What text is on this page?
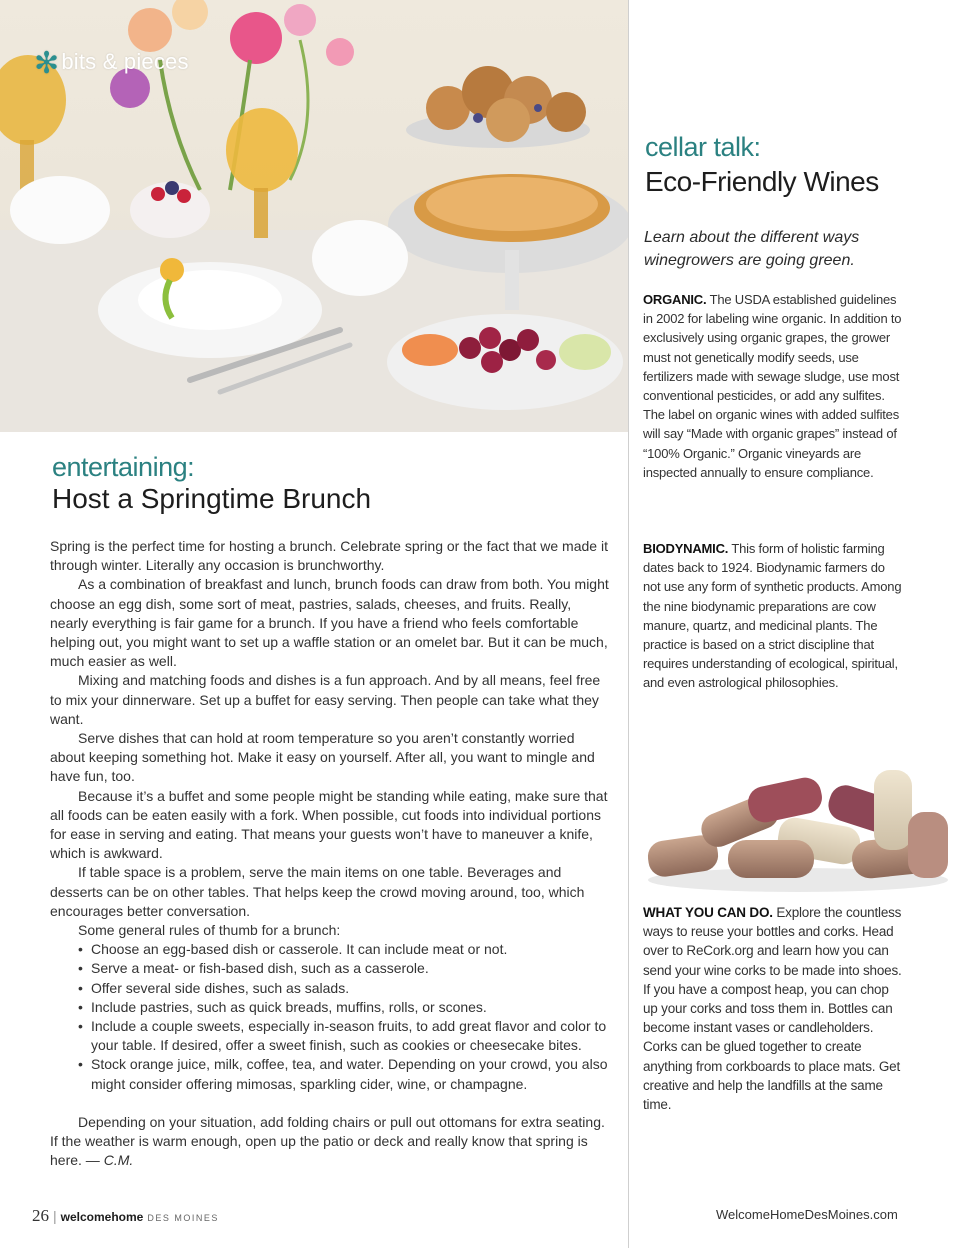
✻bits & pieces
entertaining:
Host a Springtime Brunch

Spring is the perfect time for hosting a brunch. Celebrate spring or the fact that we made it through winter. Literally any occasion is brunchworthy.

As a combination of breakfast and lunch, brunch foods can draw from both. You might choose an egg dish, some sort of meat, pastries, salads, cheeses, and fruits. Really, nearly everything is fair game for a brunch. If you have a friend who feels comfortable helping out, you might want to set up a waffle station or an omelet bar. But it can be much, much easier as well.

Mixing and matching foods and dishes is a fun approach. And by all means, feel free to mix your dinnerware. Set up a buffet for easy serving. Then people can take what they want.

Serve dishes that can hold at room temperature so you aren’t constantly worried about keeping something hot. Make it easy on yourself. After all, you want to mingle and have fun, too.

Because it’s a buffet and some people might be standing while eating, make sure that all foods can be eaten easily with a fork. When possible, cut foods into individual portions for ease in serving and eating. That means your guests won’t have to maneuver a knife, which is awkward.

If table space is a problem, serve the main items on one table. Beverages and desserts can be on other tables. That helps keep the crowd moving around, too, which encourages better conversation.

Some general rules of thumb for a brunch:

• Choose an egg-based dish or casserole. It can include meat or not.
• Serve a meat- or fish-based dish, such as a casserole.
• Offer several side dishes, such as salads.
• Include pastries, such as quick breads, muffins, rolls, or scones.
• Include a couple sweets, especially in-season fruits, to add great flavor and color to your table. If desired, offer a sweet finish, such as cookies or cheesecake bites.
• Stock orange juice, milk, coffee, tea, and water. Depending on your crowd, you also might consider offering mimosas, sparkling cider, wine, or champagne.

Depending on your situation, add folding chairs or pull out ottomans for extra seating. If the weather is warm enough, open up the patio or deck and really know that spring is here. — C.M.

cellar talk:
Eco-Friendly Wines
Learn about the different ways winegrowers are going green.
ORGANIC. The USDA established guidelines in 2002 for labeling wine organic. In addition to exclusively using organic grapes, the grower must not genetically modify seeds, use fertilizers made with sewage sludge, use most conventional pesticides, or add any sulfites. The label on organic wines with added sulfites will say “Made with organic grapes” instead of “100% Organic.” Organic vineyards are inspected annually to ensure compliance.
BIODYNAMIC. This form of holistic farming dates back to 1924. Biodynamic farmers do not use any form of synthetic products. Among the nine biodynamic preparations are cow manure, quartz, and medicinal plants. The practice is based on a strict discipline that requires understanding of ecological, spiritual, and even astrological philosophies.
WHAT YOU CAN DO. Explore the countless ways to reuse your bottles and corks. Head over to ReCork.org and learn how you can send your wine corks to be made into shoes. If you have a compost heap, you can chop up your corks and toss them in. Bottles can become instant vases or candleholders. Corks can be glued together to create anything from corkboards to place mats. Get creative and help the landfills at the same time.
26 | welcomehome DES MOINES	WelcomeHomeDesMoines.com
